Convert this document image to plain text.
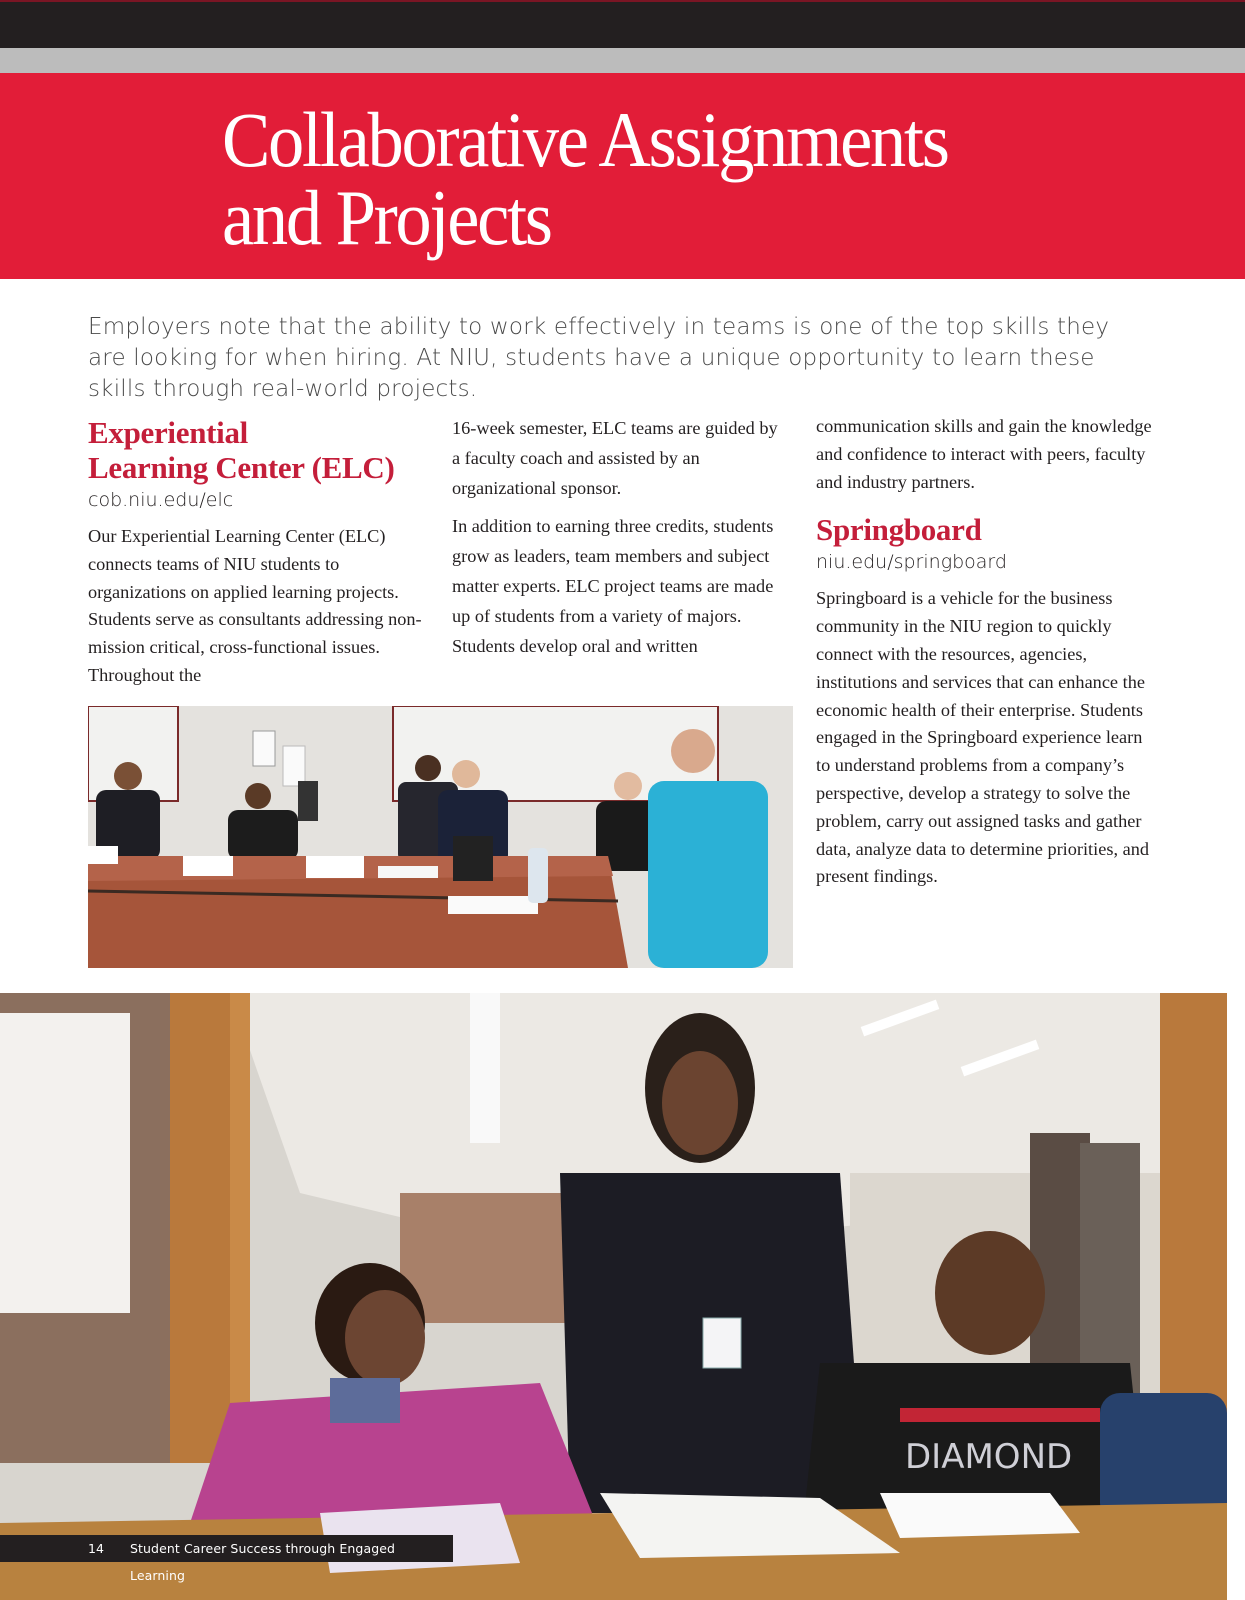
Collaborative Assignments
and Projects

Employers note that the ability to work effectively in teams is one of the top skills they are looking for when hiring. At NIU, students have a unique opportunity to learn these skills through real-world projects.

Experiential
Learning Center (ELC)
cob.niu.edu/elc

Our Experiential Learning Center (ELC) connects teams of NIU students to organizations on applied learning projects. Students serve as consultants addressing non-mission critical, cross-functional issues. Throughout the

16-week semester, ELC teams are guided by a faculty coach and assisted by an organizational sponsor.

In addition to earning three credits, students grow as leaders, team members and subject matter experts. ELC project teams are made up of students from a variety of majors. Students develop oral and written

communication skills and gain the knowledge and confidence to interact with peers, faculty and industry partners.

Springboard
niu.edu/springboard

Springboard is a vehicle for the business community in the NIU region to quickly connect with the resources, agencies, institutions and services that can enhance the economic health of their enterprise. Students engaged in the Springboard experience learn to understand problems from a company’s perspective, develop a strategy to solve the problem, carry out assigned tasks and gather data, analyze data to determine priorities, and present findings.

DIAMOND
14 Student Career Success through Engaged Learning
